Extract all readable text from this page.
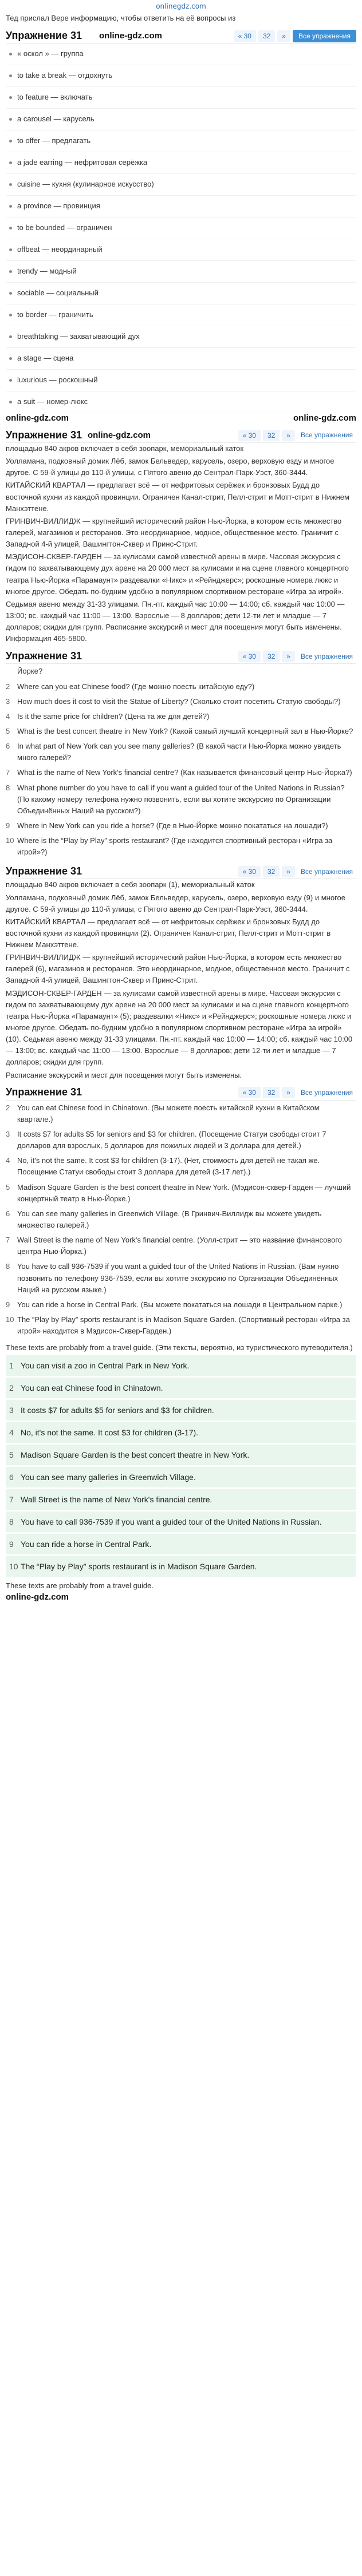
onlinegdz.com
Тед прислал Вере информацию, чтобы ответить на её вопросы из
Упражнение 31 online-gdz.com	« 30	32	»	Все упражнения
« оскол » — группа
to take a break — отдохнуть
to feature — включать
a carousel — карусель
to offer — предлагать
a jade earring — нефритовая серёжка
cuisine — кухня (кулинарное искусство)
a province — провинция
to be bounded — ограничен
offbeat — неординарный
trendy — модный
sociable — социальный
to border — граничить
breathtaking — захватывающий дух
a stage — сцена
luxurious — роскошный
a suit — номер-люкс
online-gdz.com	online-gdz.com
Упражнение 31 online-gdz.com	« 30	32	»	Все упражнения

площадью 840 акров включает в себя зоопарк, мемориальный каток

Уолламана, подковный домик Лёб, замок Бельведер, карусель, озеро, верховую езду и многое другое. С 59-й улицы до 110-й улицы, с Пятого авеню до Сентрал-Парк-Уэст, 360-3444.

КИТАЙСКИЙ КВАРТАЛ — предлагает всё — от нефритовых серёжек и бронзовых Будд до восточной кухни из каждой провинции. Ограничен Канал-стрит, Пелл-стрит и Мотт-стрит в Нижнем Манхэттене.

ГРИНВИЧ-ВИЛЛИДЖ — крупнейший исторический район Нью-Йорка, в котором есть множество галерей, магазинов и ресторанов. Это неординарное, модное, общественное место. Граничит с Западной 4-й улицей, Вашингтон-Сквер и Принс-Стрит.

МЭДИСОН-СКВЕР-ГАРДЕН — за кулисами самой известной арены в мире. Часовая экскурсия с гидом по захватывающему дух арене на 20 000 мест за кулисами и на сцене главного концертного театра Нью-Йорка «Парамаунт» раздевалки «Никс» и «Рейнджерс»; роскошные номера люкс и многое другое. Обедать по-будним удобно в популярном спортивном ресторане «Игра за игрой».

Седьмая авеню между 31-33 улицами. Пн.-пт. каждый час 10:00 — 14:00; сб. каждый час 10:00 — 13:00; вс. каждый час 11:00 — 13:00. Взрослые — 8 долларов; дети 12-ти лет и младше — 7 долларов; скидки для групп. Расписание экскурсий и мест для посещения могут быть изменены. Информация 465-5800.

Упражнение 31	« 30	32	»	Все упражнения
Йорке?
2 Where can you eat Chinese food? (Где можно поесть китайскую еду?)
3 How much does it cost to visit the Statue of Liberty? (Сколько стоит посетить Статую свободы?)
4 Is it the same price for children? (Цена та же для детей?)
5 What is the best concert theatre in New York? (Какой самый лучший концертный зал в Нью-Йорке?
6 In what part of New York can you see many galleries? (В какой части Нью-Йорка можно увидеть много галерей?
7 What is the name of New York's financial centre? (Как называется финансовый центр Нью-Йорка?)
8 What phone number do you have to call if you want a guided tour of the United Nations in Russian? (По какому номеру телефона нужно позвонить, если вы хотите экскурсию по Организации Объединённых Наций на русском?)
9 Where in New York can you ride a horse? (Где в Нью-Йорке можно покататься на лошади?)
10 Where is the “Play by Play” sports restaurant? (Где находится спортивный ресторан «Игра за игрой»?)
Упражнение 31	« 30	32	»	Все упражнения

площадью 840 акров включает в себя зоопарк (1), мемориальный каток

Уолламана, подковный домик Лёб, замок Бельведер, карусель, озеро, верховую езду (9) и многое другое. С 59-й улицы до 110-й улицы, с Пятого авеню до Сентрал-Парк-Уэст, 360-3444.

КИТАЙСКИЙ КВАРТАЛ — предлагает всё — от нефритовых серёжек и бронзовых Будд до восточной кухни из каждой провинции (2). Ограничен Канал-стрит, Пелл-стрит и Мотт-стрит в Нижнем Манхэттене.

ГРИНВИЧ-ВИЛЛИДЖ — крупнейший исторический район Нью-Йорка, в котором есть множество галерей (6), магазинов и ресторанов. Это неординарное, модное, общественное место. Граничит с Западной 4-й улицей, Вашингтон-Сквер и Принс-Стрит.

МЭДИСОН-СКВЕР-ГАРДЕН — за кулисами самой известной арены в мире. Часовая экскурсия с гидом по захватывающему дух арене на 20 000 мест за кулисами и на сцене главного концертного театра Нью-Йорка «Парамаунт» (5); раздевалки «Никс» и «Рейнджерс»; роскошные номера люкс и многое другое. Обедать по-будним удобно в популярном спортивном ресторане «Игра за игрой» (10). Седьмая авеню между 31-33 улицами. Пн.-пт. каждый час 10:00 — 14:00; сб. каждый час 10:00 — 13:00; вс. каждый час 11:00 — 13:00. Взрослые — 8 долларов; дети 12-ти лет и младше — 7 долларов; скидки для групп.

Расписание экскурсий и мест для посещения могут быть изменены.

Упражнение 31	« 30	32	»	Все упражнения
2 You can eat Chinese food in Chinatown. (Вы можете поесть китайской кухни в Китайском квартале.)
3 It costs $7 for adults $5 for seniors and $3 for children. (Посещение Статуи свободы стоит 7 долларов для взрослых, 5 долларов для пожилых людей и 3 доллара для детей.)
4 No, it's not the same. It cost $3 for children (3-17). (Нет, стоимость для детей не такая же. Посещение Статуи свободы стоит 3 доллара для детей (3-17 лет).)
5 Madison Square Garden is the best concert theatre in New York. (Мэдисон-сквер-Гарден — лучший концертный театр в Нью-Йорке.)
6 You can see many galleries in Greenwich Village. (В Гринвич-Виллидж вы можете увидеть множество галерей.)
7 Wall Street is the name of New York's financial centre. (Уолл-стрит — это название финансового центра Нью-Йорка.)
8 You have to call 936-7539 if you want a guided tour of the United Nations in Russian. (Вам нужно позвонить по телефону 936-7539, если вы хотите экскурсию по Организации Объединённых Наций на русском языке.)
9 You can ride a horse in Central Park. (Вы можете покататься на лошади в Центральном парке.)
10 The “Play by Play” sports restaurant is in Madison Square Garden. (Спортивный ресторан «Игра за игрой» находится в Мэдисон-Сквер-Гарден.)
These texts are probably from a travel guide. (Эти тексты, вероятно, из туристического путеводителя.)
1 You can visit a zoo in Central Park in New York.
2 You can eat Chinese food in Chinatown.
3 It costs $7 for adults $5 for seniors and $3 for children.
4 No, it's not the same. It cost $3 for children (3-17).
5 Madison Square Garden is the best concert theatre in New York.
6 You can see many galleries in Greenwich Village.
7 Wall Street is the name of New York's financial centre.
8 You have to call 936-7539 if you want a guided tour of the United Nations in Russian.
9 You can ride a horse in Central Park.
10 The “Play by Play” sports restaurant is in Madison Square Garden.
These texts are probably from a travel guide.
online-gdz.com
